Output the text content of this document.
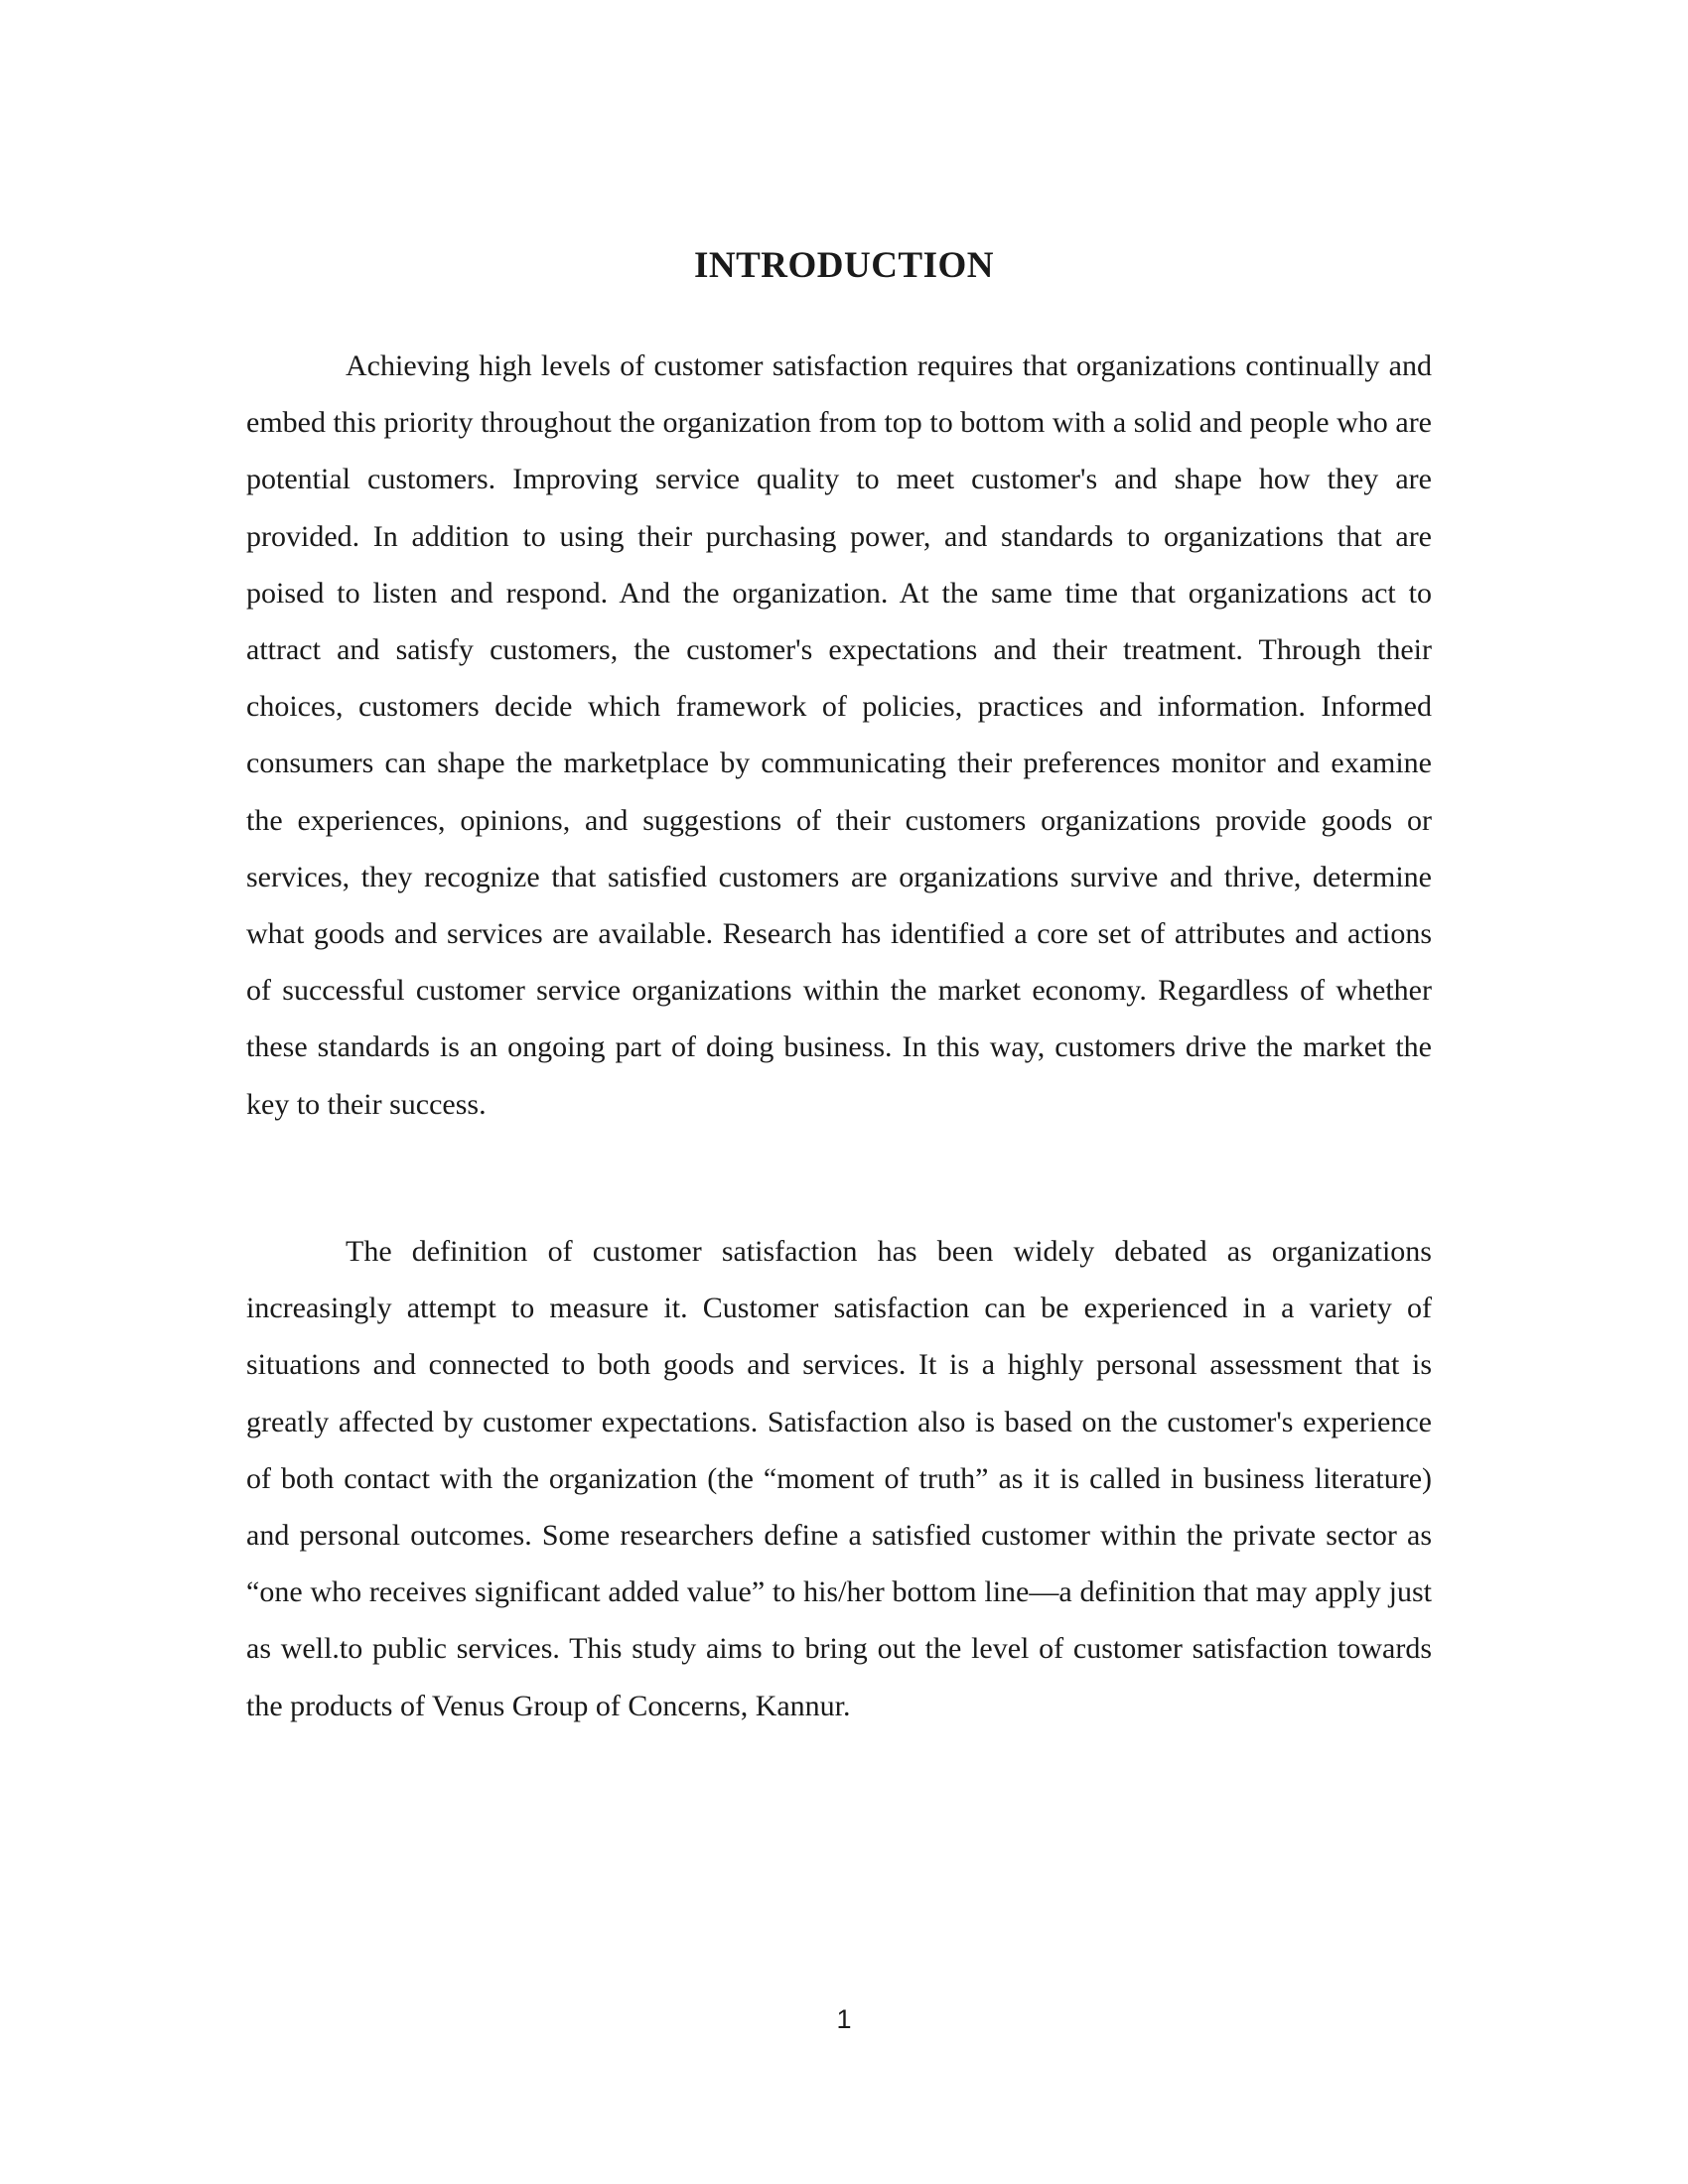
INTRODUCTION

Achieving high levels of customer satisfaction requires that organizations continually and embed this priority throughout the organization from top to bottom with a solid and people who are potential customers. Improving service quality to meet customer's and shape how they are provided. In addition to using their purchasing power, and standards to organizations that are poised to listen and respond. And the organization. At the same time that organizations act to attract and satisfy customers, the customer's expectations and their treatment. Through their choices, customers decide which framework of policies, practices and information. Informed consumers can shape the marketplace by communicating their preferences monitor and examine the experiences, opinions, and suggestions of their customers organizations provide goods or services, they recognize that satisfied customers are organizations survive and thrive, determine what goods and services are available. Research has identified a core set of attributes and actions of successful customer service organizations within the market economy. Regardless of whether these standards is an ongoing part of doing business. In this way, customers drive the market the key to their success.

The definition of customer satisfaction has been widely debated as organizations increasingly attempt to measure it. Customer satisfaction can be experienced in a variety of situations and connected to both goods and services. It is a highly personal assessment that is greatly affected by customer expectations. Satisfaction also is based on the customer's experience of both contact with the organization (the “moment of truth” as it is called in business literature) and personal outcomes. Some researchers define a satisfied customer within the private sector as “one who receives significant added value” to his/her bottom line—a definition that may apply just as well.to public services. This study aims to bring out the level of customer satisfaction towards the products of Venus Group of Concerns, Kannur.

1
